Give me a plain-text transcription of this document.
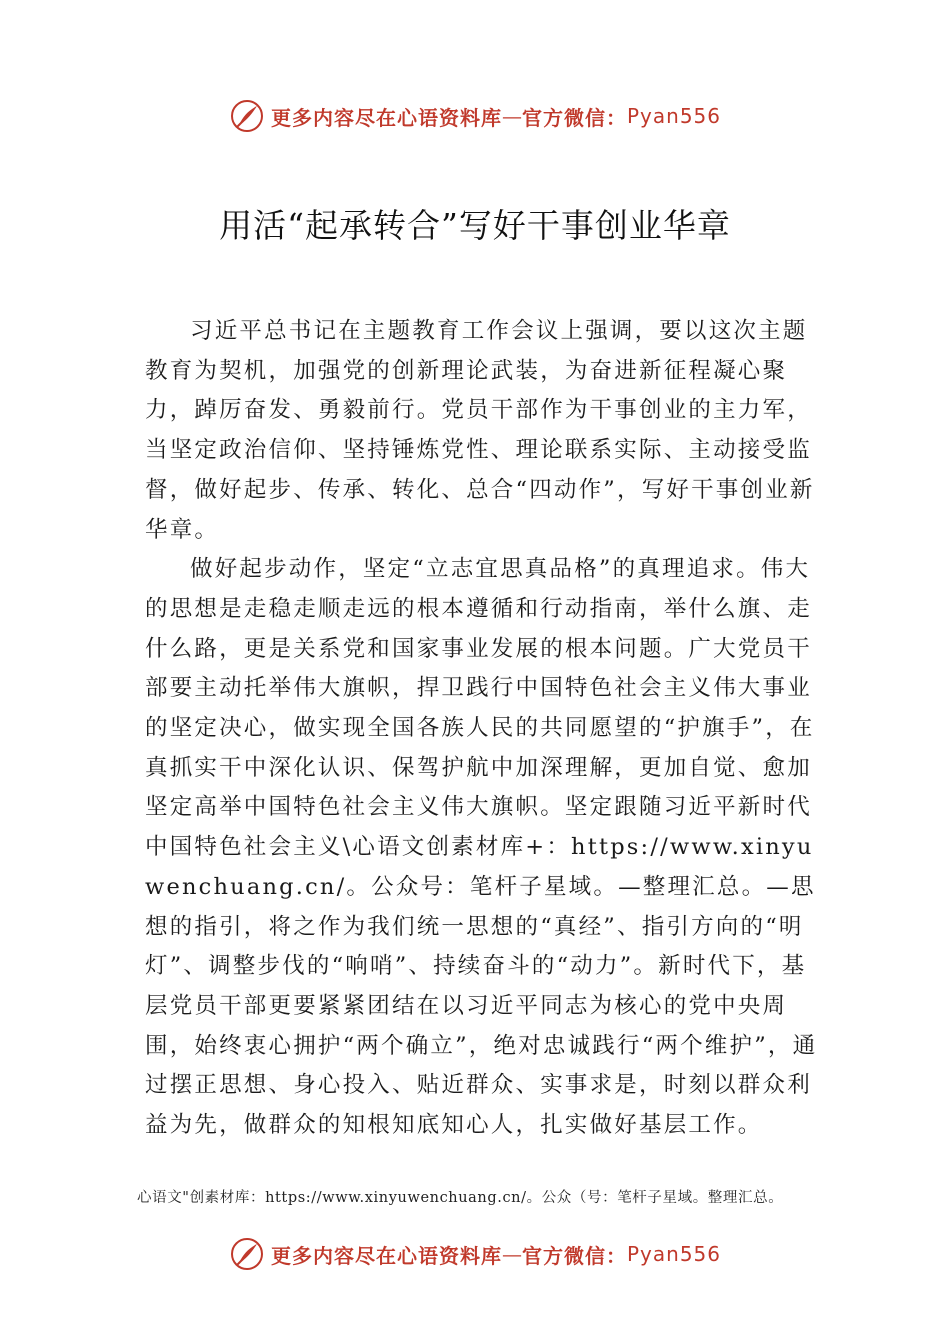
更多内容尽在心语资料库 — 官方微信： Pyan556
用活“起承转合”写好干事创业华章

习近平总书记在主题教育工作会议上强调，要以这次主题教育为契机，加强党的创新理论武装，为奋进新征程凝心聚力，踔厉奋发、勇毅前行。党员干部作为干事创业的主力军，当坚定政治信仰、坚持锤炼党性、理论联系实际、主动接受监督，做好起步、传承、转化、总合“四动作”，写好干事创业新华章。

做好起步动作，坚定“立志宜思真品格”的真理追求。伟大的思想是走稳走顺走远的根本遵循和行动指南，举什么旗、走什么路，更是关系党和国家事业发展的根本问题。广大党员干部要主动托举伟大旗帜，捍卫践行中国特色社会主义伟大事业的坚定决心，做实现全国各族人民的共同愿望的“护旗手”，在真抓实干中深化认识、保驾护航中加深理解，更加自觉、愈加坚定高举中国特色社会主义伟大旗帜。坚定跟随习近平新时代中国特色社会主义\心语文创素材库+：https://www.xinyuwenchuang.cn/。公众号：笔杆子星域。—整理汇总。—思想的指引，将之作为我们统一思想的“真经”、指引方向的“明灯”、调整步伐的“响哨”、持续奋斗的“动力”。新时代下，基层党员干部更要紧紧团结在以习近平同志为核心的党中央周围，始终衷心拥护“两个确立”，绝对忠诚践行“两个维护”，通过摆正思想、身心投入、贴近群众、实事求是，时刻以群众利益为先，做群众的知根知底知心人，扎实做好基层工作。

心语文"创素材库：https://www.xinyuwenchuang.cn/。公众（号：笔杆子星域。整理汇总。
更多内容尽在心语资料库 — 官方微信： Pyan556
